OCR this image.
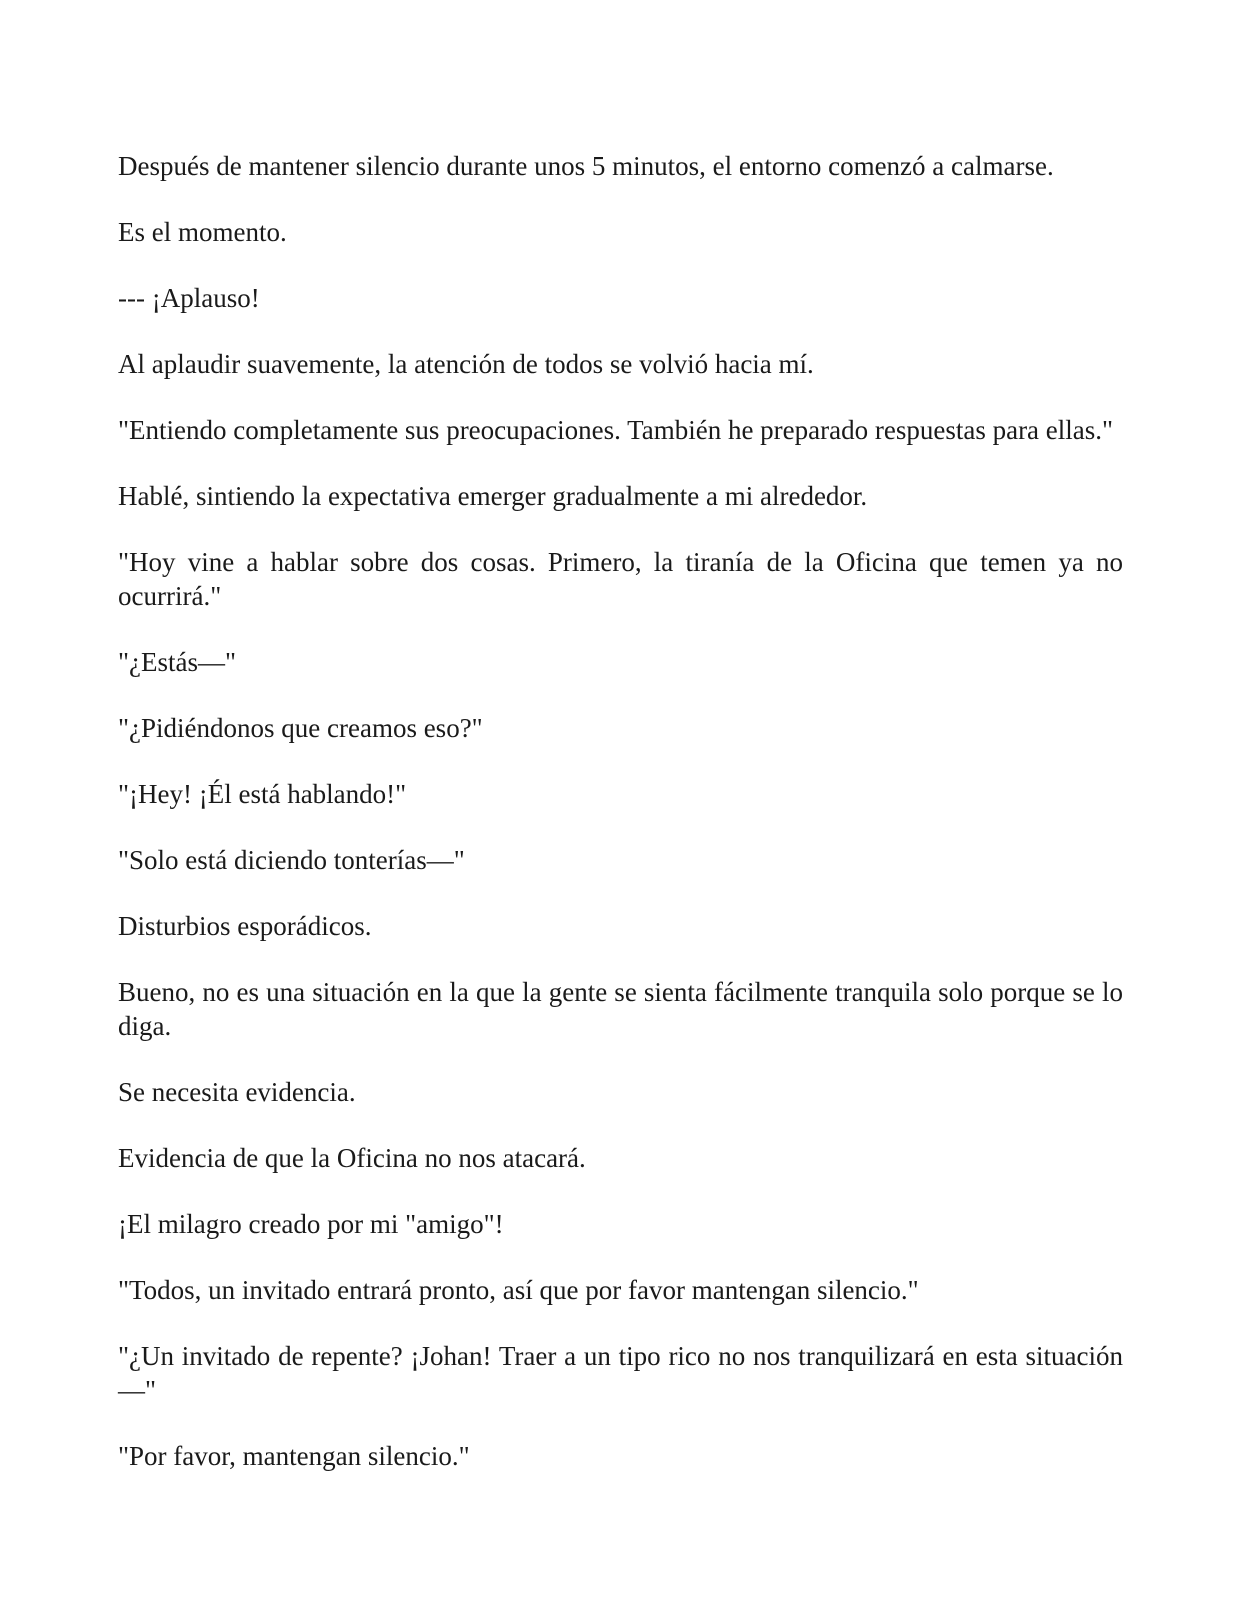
Después de mantener silencio durante unos 5 minutos, el entorno comenzó a calmarse.

Es el momento.

--- ¡Aplauso!

Al aplaudir suavemente, la atención de todos se volvió hacia mí.

"Entiendo completamente sus preocupaciones. También he preparado respuestas para ellas."

Hablé, sintiendo la expectativa emerger gradualmente a mi alrededor.

"Hoy vine a hablar sobre dos cosas. Primero, la tiranía de la Oficina que temen ya no ocurrirá."

"¿Estás—"

"¿Pidiéndonos que creamos eso?"

"¡Hey! ¡Él está hablando!"

"Solo está diciendo tonterías—"

Disturbios esporádicos.

Bueno, no es una situación en la que la gente se sienta fácilmente tranquila solo porque se lo diga.

Se necesita evidencia.

Evidencia de que la Oficina no nos atacará.

¡El milagro creado por mi "amigo"!

"Todos, un invitado entrará pronto, así que por favor mantengan silencio."

"¿Un invitado de repente? ¡Johan! Traer a un tipo rico no nos tranquilizará en esta situación—"

"Por favor, mantengan silencio."
